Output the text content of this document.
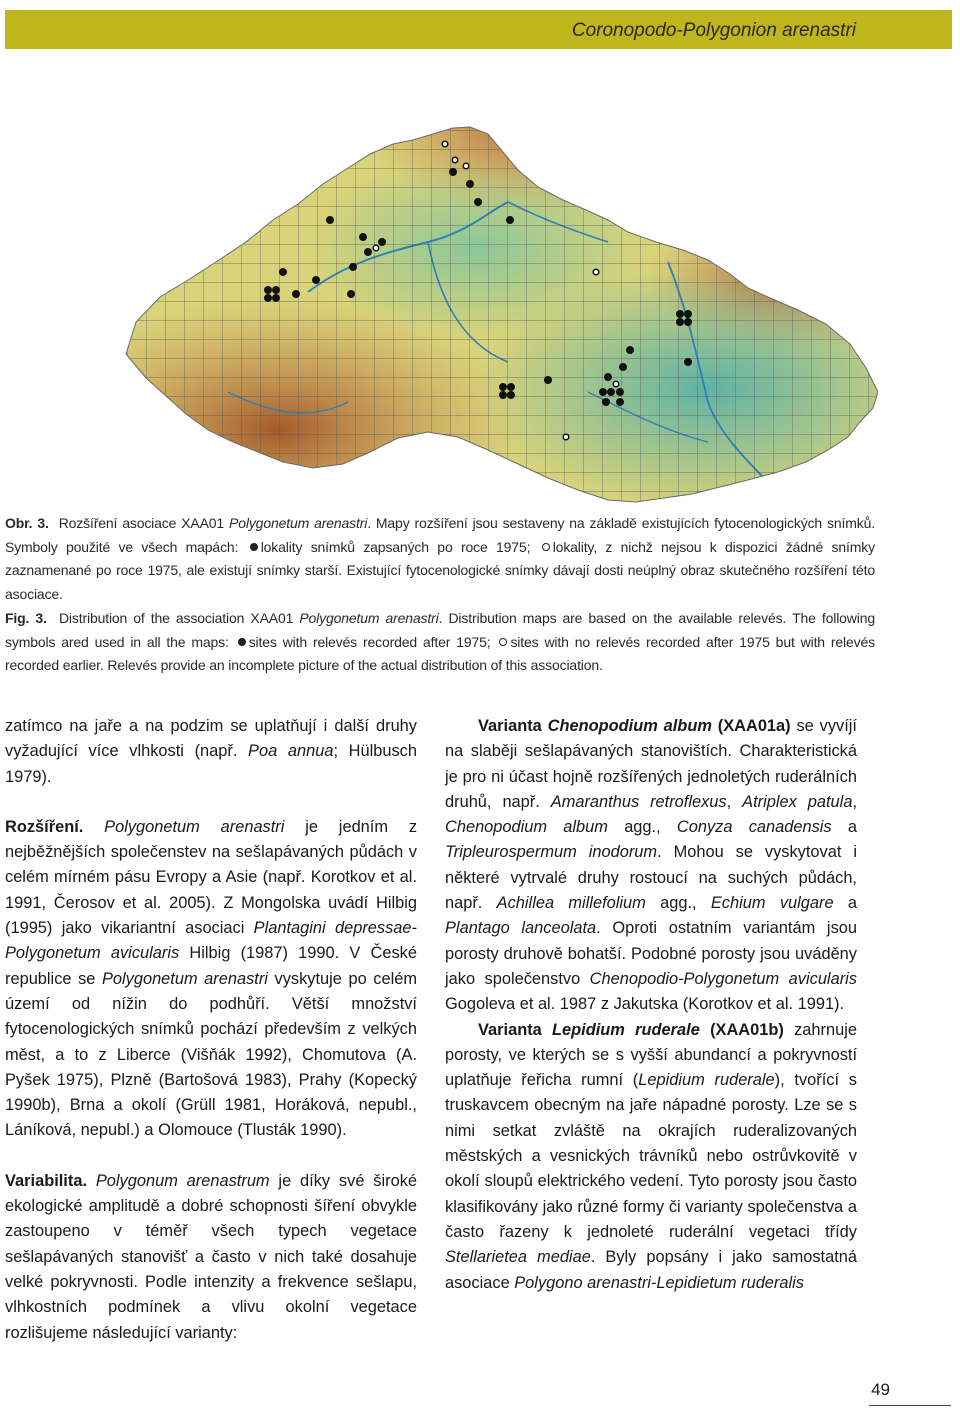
Coronopodo-Polygonion arenastri
Obr. 3. Rozšíření asociace XAA01 Polygonetum arenastri. Mapy rozšíření jsou sestaveny na základě existujících fytocenologických snímků. Symboly použité ve všech mapách: lokality snímků zapsaných po roce 1975; lokality, z nichž nejsou k dispozici žádné snímky zaznamenané po roce 1975, ale existují snímky starší. Existující fytocenologické snímky dávají dosti neúplný obraz skutečného rozšíření této asociace.
Fig. 3. Distribution of the association XAA01 Polygonetum arenastri. Distribution maps are based on the available relevés. The following symbols ared used in all the maps: sites with relevés recorded after 1975; sites with no relevés recorded after 1975 but with relevés recorded earlier. Relevés provide an incomplete picture of the actual distribution of this association.

zatímco na jaře a na podzim se uplatňují i další druhy vyžadující více vlhkosti (např. Poa annua; Hülbusch 1979).

Rozšíření. Polygonetum arenastri je jedním z nejběžnějších společenstev na sešlapávaných půdách v celém mírném pásu Evropy a Asie (např. Korotkov et al. 1991, Čerosov et al. 2005). Z Mongolska uvádí Hilbig (1995) jako vikariantní asociaci Plantagini depressae-Polygonetum avicularis Hilbig (1987) 1990. V České republice se Polygonetum arenastri vyskytuje po celém území od nížin do podhůří. Větší množství fytocenologických snímků pochází především z velkých měst, a to z Liberce (Višňák 1992), Chomutova (A. Pyšek 1975), Plzně (Bartošová 1983), Prahy (Kopecký 1990b), Brna a okolí (Grüll 1981, Horáková, nepubl., Láníková, nepubl.) a Olomouce (Tlusták 1990).

Variabilita. Polygonum arenastrum je díky své široké ekologické amplitudě a dobré schopnosti šíření obvykle zastoupeno v téměř všech typech vegetace sešlapávaných stanovišť a často v nich také dosahuje velké pokryvnosti. Podle intenzity a frekvence sešlapu, vlhkostních podmínek a vlivu okolní vegetace rozlišujeme následující varianty:

Varianta Chenopodium album (XAA01a) se vyvíjí na slaběji sešlapávaných stanovištích. Charakteristická je pro ni účast hojně rozšířených jednoletých ruderálních druhů, např. Amaranthus retroflexus, Atriplex patula, Chenopodium album agg., Conyza canadensis a Tripleurospermum inodorum. Mohou se vyskytovat i některé vytrvalé druhy rostoucí na suchých půdách, např. Achillea millefolium agg., Echium vulgare a Plantago lanceolata. Oproti ostatním variantám jsou porosty druhově bohatší. Podobné porosty jsou uváděny jako společenstvo Chenopodio-Polygonetum avicularis Gogoleva et al. 1987 z Jakutska (Korotkov et al. 1991).

Varianta Lepidium ruderale (XAA01b) zahrnuje porosty, ve kterých se s vyšší abundancí a pokryvností uplatňuje řeřicha rumní (Lepidium ruderale), tvořící s truskavcem obecným na jaře nápadné porosty. Lze se s nimi setkat zvláště na okrajích ruderalizovaných městských a vesnických trávníků nebo ostrůvkovitě v okolí sloupů elektrického vedení. Tyto porosty jsou často klasifikovány jako různé formy či varianty společenstva a často řazeny k jednoleté ruderální vegetaci třídy Stellarietea mediae. Byly popsány i jako samostatná asociace Polygono arenastri-Lepidietum ruderalis

49
